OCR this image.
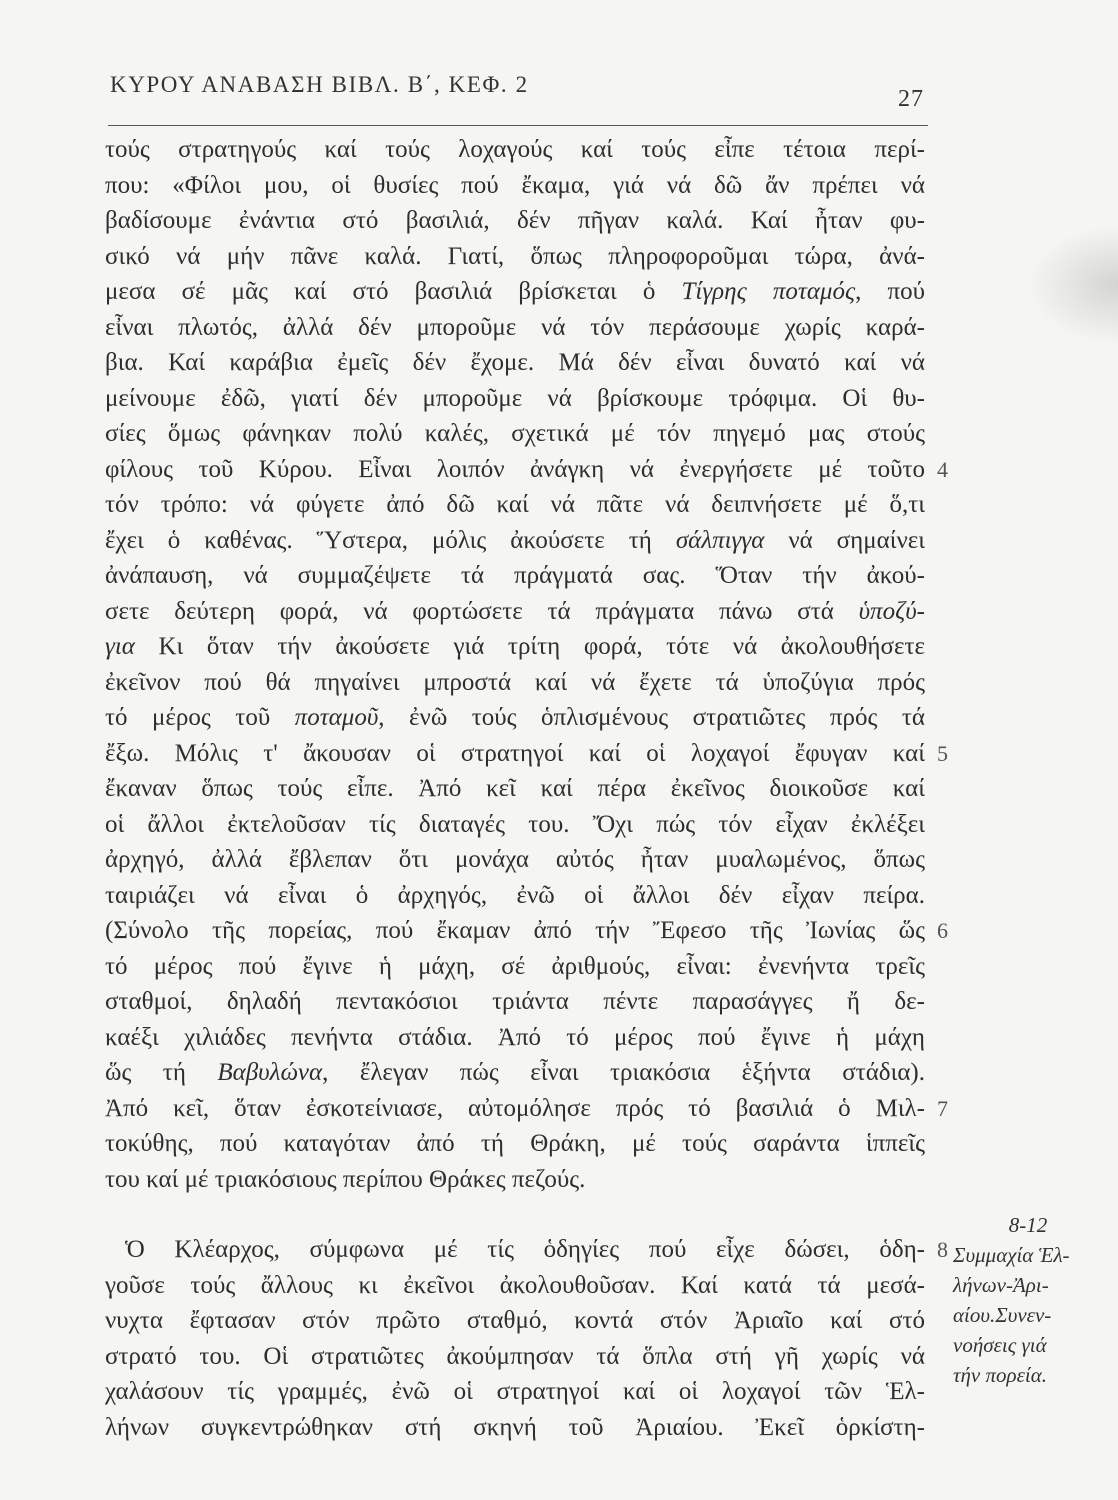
ΚΥΡΟΥ ΑΝΑΒΑΣΗ ΒΙΒΛ. Β΄, ΚΕΦ. 2
27
τούς στρατηγούς καί τούς λοχαγούς καί τούς εἶπε τέτοια περί-
που: «Φίλοι μου, οἱ θυσίες πού ἔκαμα, γιά νά δῶ ἄν πρέπει νά
βαδίσουμε ἐνάντια στό βασιλιά, δέν πῆγαν καλά. Καί ἦταν φυ-
σικό νά μήν πᾶνε καλά. Γιατί, ὅπως πληροφοροῦμαι τώρα, ἀνά-
μεσα σέ μᾶς καί στό βασιλιά βρίσκεται ὁ Τίγρης ποταμός, πού
εἶναι πλωτός, ἀλλά δέν μποροῦμε νά τόν περάσουμε χωρίς καρά-
βια. Καί καράβια ἐμεῖς δέν ἔχομε. Μά δέν εἶναι δυνατό καί νά
μείνουμε ἐδῶ, γιατί δέν μποροῦμε νά βρίσκουμε τρόφιμα. Οἱ θυ-
σίες ὅμως φάνηκαν πολύ καλές, σχετικά μέ τόν πηγεμό μας στούς
φίλους τοῦ Κύρου. Εἶναι λοιπόν ἀνάγκη νά ἐνεργήσετε μέ τοῦτο 4
τόν τρόπο: νά φύγετε ἀπό δῶ καί νά πᾶτε νά δειπνήσετε μέ ὅ,τι
ἔχει ὁ καθένας. Ὕστερα, μόλις ἀκούσετε τή σάλπιγγα νά σημαίνει
ἀνάπαυση, νά συμμαζέψετε τά πράγματά σας. Ὅταν τήν ἀκού-
σετε δεύτερη φορά, νά φορτώσετε τά πράγματα πάνω στά ὑποζύ-
για Κι ὅταν τήν ἀκούσετε γιά τρίτη φορά, τότε νά ἀκολουθήσετε
ἐκεῖνον πού θά πηγαίνει μπροστά καί νά ἔχετε τά ὑποζύγια πρός
τό μέρος τοῦ ποταμοῦ, ἐνῶ τούς ὁπλισμένους στρατιῶτες πρός τά
ἔξω. Μόλις τ' ἄκουσαν οἱ στρατηγοί καί οἱ λοχαγοί ἔφυγαν καί 5
ἔκαναν ὅπως τούς εἶπε. Ἀπό κεῖ καί πέρα ἐκεῖνος διοικοῦσε καί
οἱ ἄλλοι ἐκτελοῦσαν τίς διαταγές του. Ὄχι πώς τόν εἶχαν ἐκλέξει
ἀρχηγό, ἀλλά ἔβλεπαν ὅτι μονάχα αὐτός ἦταν μυαλωμένος, ὅπως
ταιριάζει νά εἶναι ὁ ἀρχηγός, ἐνῶ οἱ ἄλλοι δέν εἶχαν πείρα.
(Σύνολο τῆς πορείας, πού ἔκαμαν ἀπό τήν Ἔφεσο τῆς Ἰωνίας ὥς 6
τό μέρος πού ἔγινε ἡ μάχη, σέ ἀριθμούς, εἶναι: ἐνενήντα τρεῖς
σταθμοί, δηλαδή πεντακόσιοι τριάντα πέντε παρασάγγες ἤ δε-
καέξι χιλιάδες πενήντα στάδια. Ἀπό τό μέρος πού ἔγινε ἡ μάχη
ὥς τή Βαβυλώνα, ἔλεγαν πώς εἶναι τριακόσια ἑξήντα στάδια).
Ἀπό κεῖ, ὅταν ἐσκοτείνιασε, αὐτομόλησε πρός τό βασιλιά ὁ Μιλ- 7
τοκύθης, πού καταγόταν ἀπό τή Θράκη, μέ τούς σαράντα ἱππεῖς
του καί μέ τριακόσιους περίπου Θράκες πεζούς.
Ὁ Κλέαρχος, σύμφωνα μέ τίς ὁδηγίες πού εἶχε δώσει, ὁδη- 8
γοῦσε τούς ἄλλους κι ἐκεῖνοι ἀκολουθοῦσαν. Καί κατά τά μεσά-
νυχτα ἔφτασαν στόν πρῶτο σταθμό, κοντά στόν Ἀριαῖο καί στό
στρατό του. Οἱ στρατιῶτες ἀκούμπησαν τά ὅπλα στή γῆ χωρίς νά
χαλάσουν τίς γραμμές, ἐνῶ οἱ στρατηγοί καί οἱ λοχαγοί τῶν Ἑλ-
λήνων συγκεντρώθηκαν στή σκηνή τοῦ Ἀριαίου. Ἐκεῖ ὁρκίστη-
8-12
Συμμαχία Ἑλ-
λήνων-Ἀρι-
αίου.Συνεν-
νοήσεις γιά
τήν πορεία.
